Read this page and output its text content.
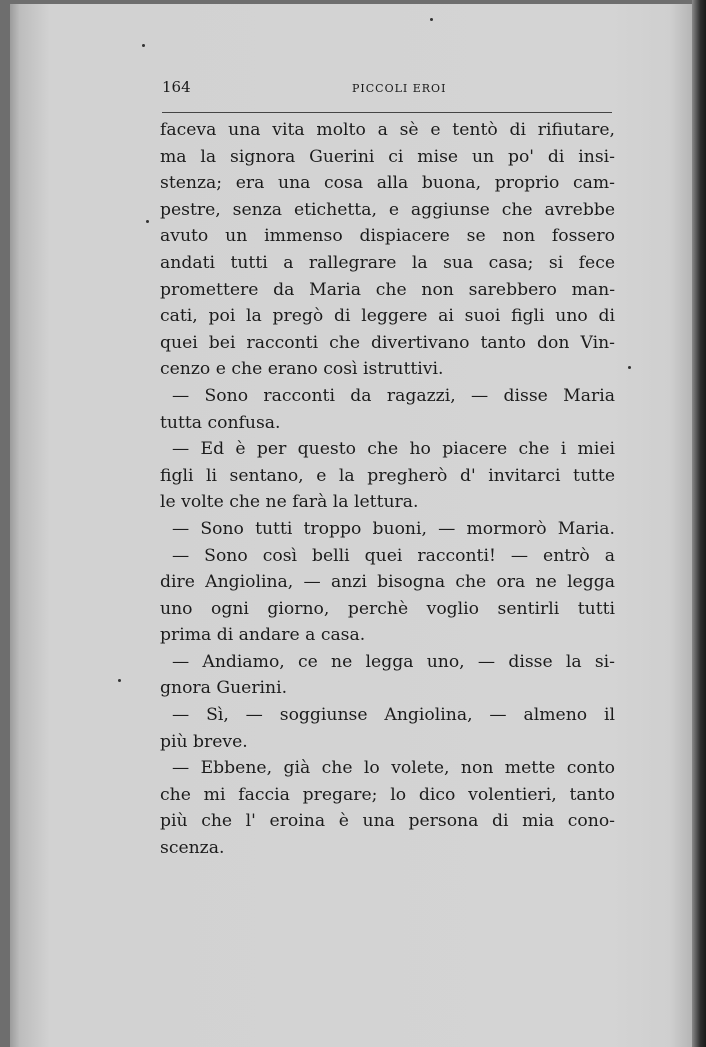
164	PICCOLI EROI
faceva una vita molto a sè e tentò di rifiutare,
ma la signora Guerini ci mise un po' di insi-
stenza; era una cosa alla buona, proprio cam-
pestre, senza etichetta, e aggiunse che avrebbe
avuto un immenso dispiacere se non fossero
andati tutti a rallegrare la sua casa; si fece
promettere da Maria che non sarebbero man-
cati, poi la pregò di leggere ai suoi figli uno di
quei bei racconti che divertivano tanto don Vin-
cenzo e che erano così istruttivi.
— Sono racconti da ragazzi, — disse Maria
tutta confusa.
— Ed è per questo che ho piacere che i miei
figli li sentano, e la pregherò d' invitarci tutte
le volte che ne farà la lettura.
— Sono tutti troppo buoni, — mormorò Maria.
— Sono così belli quei racconti! — entrò a
dire Angiolina, — anzi bisogna che ora ne legga
uno ogni giorno, perchè voglio sentirli tutti
prima di andare a casa.
— Andiamo, ce ne legga uno, — disse la si-
gnora Guerini.
— Sì, — soggiunse Angiolina, — almeno il
più breve.
— Ebbene, già che lo volete, non mette conto
che mi faccia pregare; lo dico volentieri, tanto
più che l' eroina è una persona di mia cono-
scenza.
